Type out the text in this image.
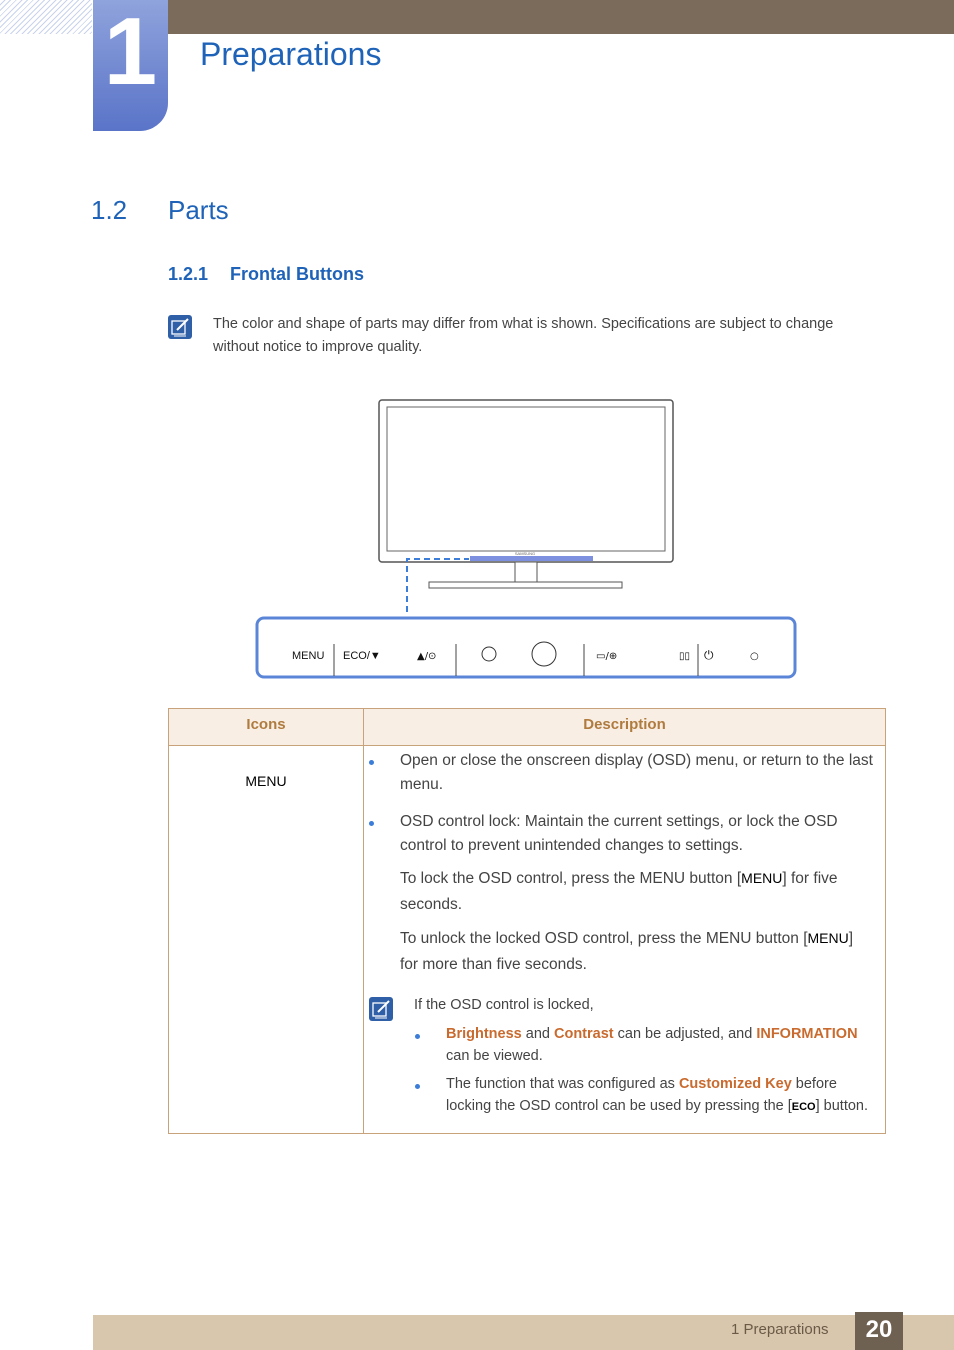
1	Preparations
1.2 Parts
1.2.1 Frontal Buttons
The color and shape of parts may differ from what is shown. Specifications are subject to change
without notice to improve quality.
SAMSUNG
MENU ECO/▼	▲/⊙	▭/⊕	▯▯ ⏻	○
Icons	Description
MENU
Open or close the onscreen display (OSD) menu, or return to the last
menu.
OSD control lock: Maintain the current settings, or lock the OSD
control to prevent unintended changes to settings.
To lock the OSD control, press the MENU button [MENU] for five
seconds.
To unlock the locked OSD control, press the MENU button [MENU]
for more than five seconds.
If the OSD control is locked,
Brightness and Contrast can be adjusted, and INFORMATION
can be viewed.
The function that was configured as Customized Key before
locking the OSD control can be used by pressing the [ECO] button.
1 Preparations	20
